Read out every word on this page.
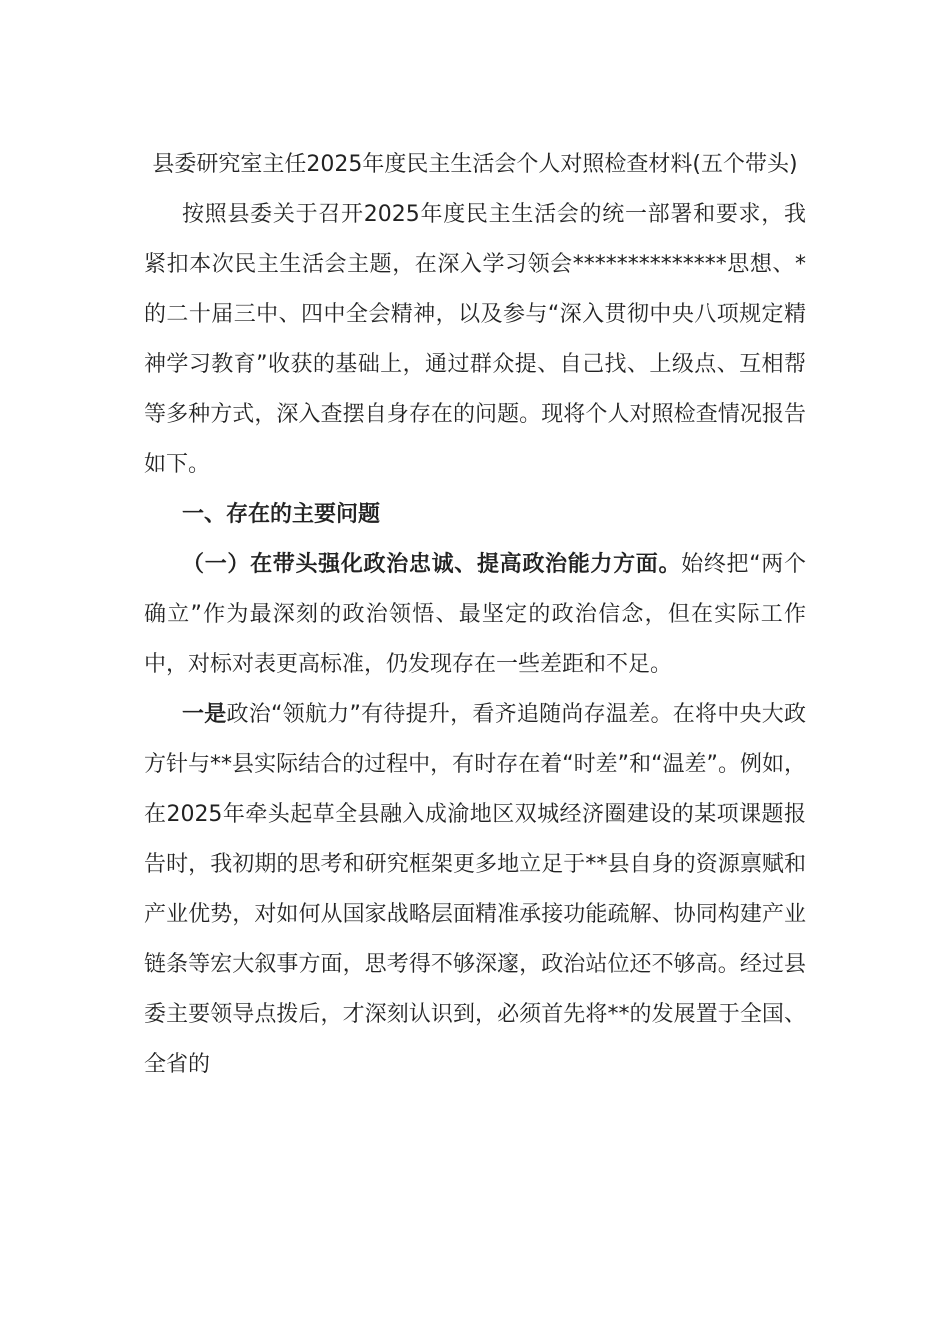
县委研究室主任2025年度民主生活会个人对照检查材料(五个带头)

按照县委关于召开2025年度民主生活会的统一部署和要求，我紧扣本次民主生活会主题，在深入学习领会**************思想、*的二十届三中、四中全会精神，以及参与“深入贯彻中央八项规定精神学习教育”收获的基础上，通过群众提、自己找、上级点、互相帮等多种方式，深入查摆自身存在的问题。现将个人对照检查情况报告如下。

一、存在的主要问题

（一）在带头强化政治忠诚、提高政治能力方面。始终把“两个确立”作为最深刻的政治领悟、最坚定的政治信念，但在实际工作中，对标对表更高标准，仍发现存在一些差距和不足。

一是政治“领航力”有待提升，看齐追随尚存温差。在将中央大政方针与**县实际结合的过程中，有时存在着“时差”和“温差”。例如，在2025年牵头起草全县融入成渝地区双城经济圈建设的某项课题报告时，我初期的思考和研究框架更多地立足于**县自身的资源禀赋和产业优势，对如何从国家战略层面精准承接功能疏解、协同构建产业链条等宏大叙事方面，思考得不够深邃，政治站位还不够高。经过县委主要领导点拨后，才深刻认识到，必须首先将**的发展置于全国、全省的
